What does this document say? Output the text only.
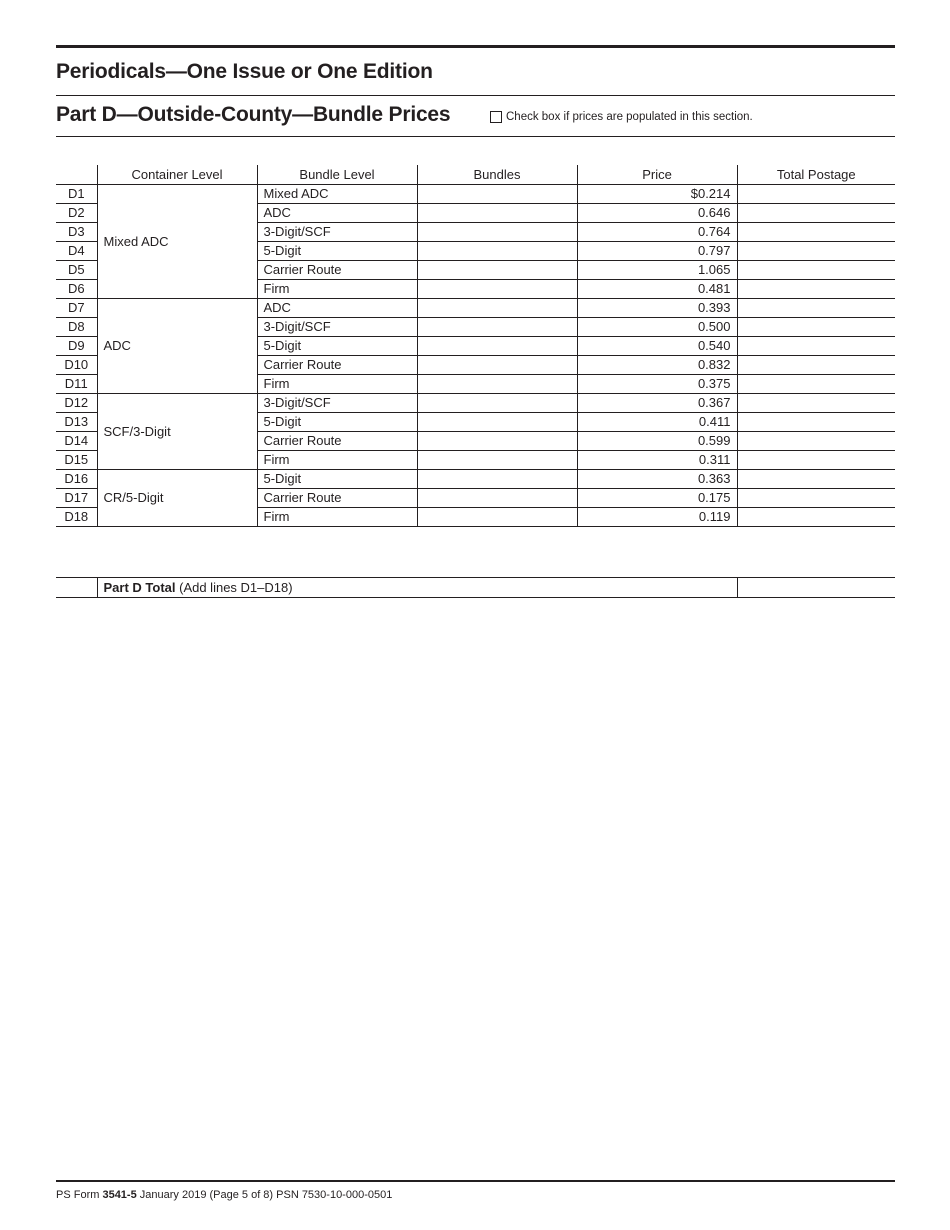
Periodicals—One Issue or One Edition
Part D—Outside-County—Bundle Prices	Check box if prices are populated in this section.
	Container Level	Bundle Level	Bundles	Price	Total Postage
D1	Mixed ADC	Mixed ADC		$0.214	
D2		ADC		0.646	
D3		3-Digit/SCF		0.764	
D4		5-Digit		0.797	
D5		Carrier Route		1.065	
D6		Firm		0.481	
D7	ADC	ADC		0.393	
D8		3-Digit/SCF		0.500	
D9		5-Digit		0.540	
D10		Carrier Route		0.832	
D11		Firm		0.375	
D12	SCF/3-Digit	3-Digit/SCF		0.367	
D13		5-Digit		0.411	
D14		Carrier Route		0.599	
D15		Firm		0.311	
D16	CR/5-Digit	5-Digit		0.363	
D17		Carrier Route		0.175	
D18		Firm		0.119	
	Part D Total (Add lines D1–D18)	
PS Form 3541-5 January 2019 (Page 5 of 8) PSN 7530-10-000-0501
